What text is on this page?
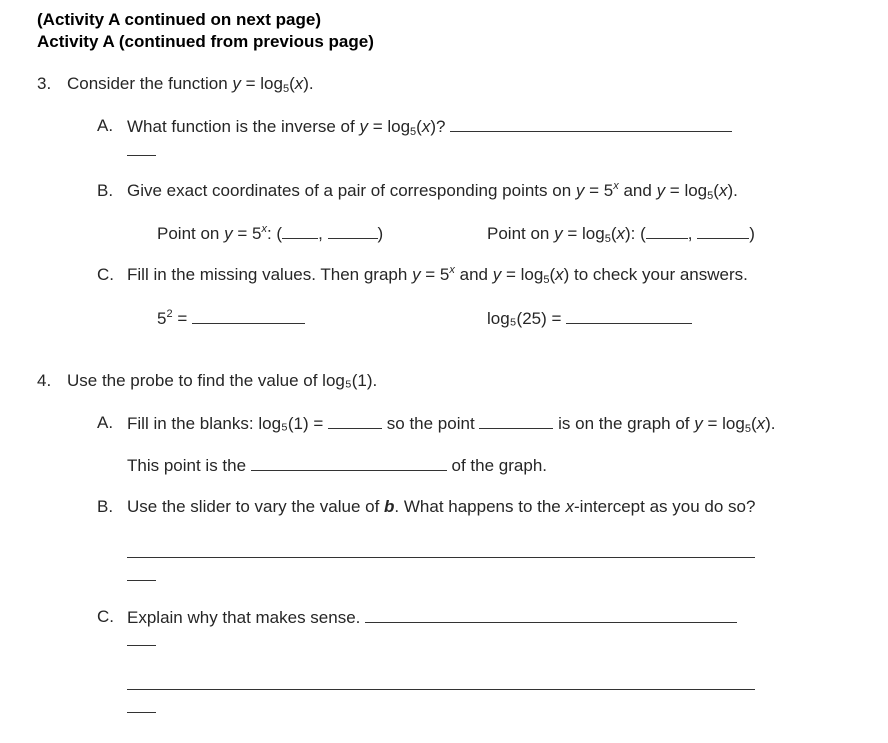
(Activity A continued on next page)
Activity A (continued from previous page)
3. Consider the function $y = \log_5(x)$.
A. What function is the inverse of $y = \log_5(x)$?
B. Give exact coordinates of a pair of corresponding points on $y = 5^x$ and $y = \log_5(x)$.
Point on $y = 5^x$: ( ,	)	Point on $y = \log_5(x)$: ( ,	)
C. Fill in the missing values. Then graph $y = 5^x$ and $y = \log_5(x)$ to check your answers.
$5^2$ =	log₅(25) =
4. Use the probe to find the value of log₅(1).
A. Fill in the blanks: log₅(1) =	so the point	is on the graph of $y = \log_5(x)$.
This point is the	of the graph.
B. Use the slider to vary the value of b. What happens to the x-intercept as you do so?
C. Explain why that makes sense.
